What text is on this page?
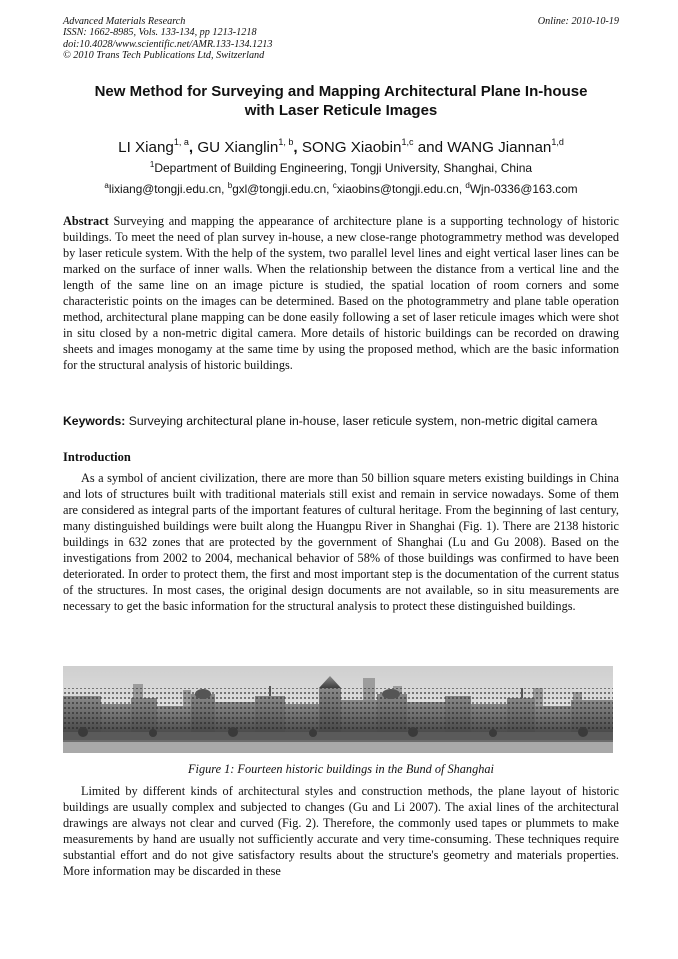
Advanced Materials Research
ISSN: 1662-8985, Vols. 133-134, pp 1213-1218
doi:10.4028/www.scientific.net/AMR.133-134.1213
© 2010 Trans Tech Publications Ltd, Switzerland
Online: 2010-10-19
New Method for Surveying and Mapping Architectural Plane In-house
with Laser Reticule Images
LI Xiang$^{1, a}$, GU Xianglin$^{1, b}$, SONG Xiaobin$^{1,c}$ and WANG Jiannan$^{1,d}$
$^1$Department of Building Engineering, Tongji University, Shanghai, China
$^a$lixiang@tongji.edu.cn, $^b$gxl@tongji.edu.cn, $^c$xiaobins@tongji.edu.cn, $^d$Wjn-0336@163.com
Abstract Surveying and mapping the appearance of architecture plane is a supporting technology of historic buildings. To meet the need of plan survey in-house, a new close-range photogrammetry method was developed by laser reticule system. With the help of the system, two parallel level lines and eight vertical laser lines can be marked on the surface of inner walls. When the relationship between the distance from a vertical line and the length of the same line on an image picture is studied, the spatial location of room corners and some characteristic points on the images can be determined. Based on the photogrammetry and plane table operation method, architectural plane mapping can be done easily following a set of laser reticule images which were shot in situ closed by a non-metric digital camera. More details of historic buildings can be recorded on drawing sheets and images monogamy at the same time by using the proposed method, which are the basic information for the structural analysis of historic buildings.
Keywords: Surveying architectural plane in-house, laser reticule system, non-metric digital camera
Introduction
As a symbol of ancient civilization, there are more than 50 billion square meters existing buildings in China and lots of structures built with traditional materials still exist and remain in service nowadays. Some of them are considered as integral parts of the important features of cultural heritage. From the beginning of last century, many distinguished buildings were built along the Huangpu River in Shanghai (Fig. 1). There are 2138 historic buildings in 632 zones that are protected by the government of Shanghai (Lu and Gu 2008). Based on the investigations from 2002 to 2004, mechanical behavior of 58% of those buildings was confirmed to have been deteriorated. In order to protect them, the first and most important step is the documentation of the current status of the structures. In most cases, the original design documents are not available, so in situ measurements are necessary to get the basic information for the structural analysis to protect these distinguished buildings.
Figure 1: Fourteen historic buildings in the Bund of Shanghai
Limited by different kinds of architectural styles and construction methods, the plane layout of historic buildings are usually complex and subjected to changes (Gu and Li 2007). The axial lines of the architectural drawings are always not clear and curved (Fig. 2). Therefore, the commonly used tapes or plummets to make measurements by hand are usually not sufficiently accurate and very time-consuming. These techniques require substantial effort and do not give satisfactory results about the structure's geometry and materials properties. More information may be discarded in these
